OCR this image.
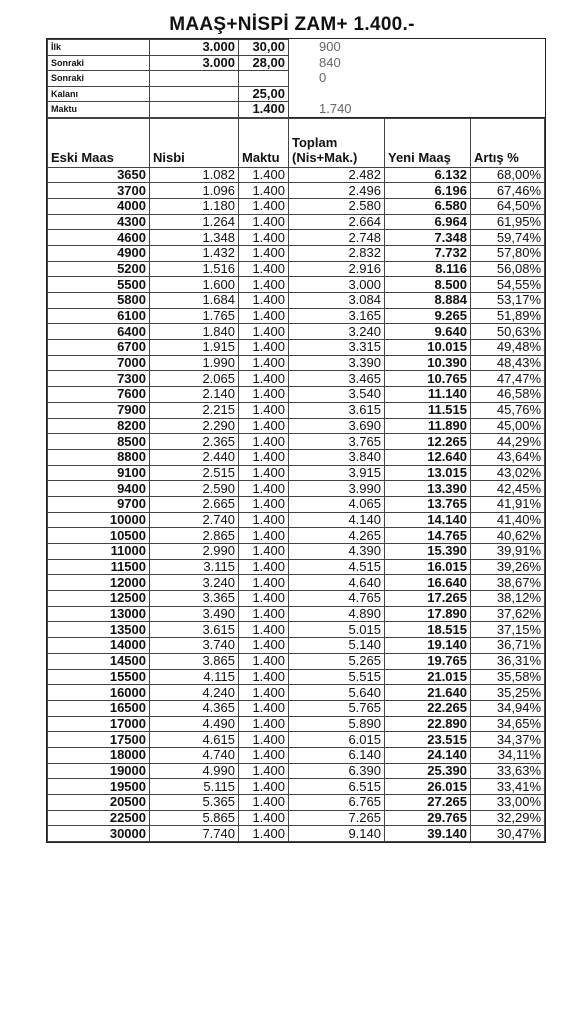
MAAŞ+NİSPİ ZAM+ 1.400.-
İlk	3.000	30,00	900
Sonraki	3.000	28,00	840
Sonraki			0
Kalanı		25,00	
Maktu		1.400	1.740
Eski Maas	Nisbi	Maktu	Toplam (Nis+Mak.)	Yeni Maaş	Artış %
3650	1.082	1.400	2.482	6.132	68,00%
3700	1.096	1.400	2.496	6.196	67,46%
4000	1.180	1.400	2.580	6.580	64,50%
4300	1.264	1.400	2.664	6.964	61,95%
4600	1.348	1.400	2.748	7.348	59,74%
4900	1.432	1.400	2.832	7.732	57,80%
5200	1.516	1.400	2.916	8.116	56,08%
5500	1.600	1.400	3.000	8.500	54,55%
5800	1.684	1.400	3.084	8.884	53,17%
6100	1.765	1.400	3.165	9.265	51,89%
6400	1.840	1.400	3.240	9.640	50,63%
6700	1.915	1.400	3.315	10.015	49,48%
7000	1.990	1.400	3.390	10.390	48,43%
7300	2.065	1.400	3.465	10.765	47,47%
7600	2.140	1.400	3.540	11.140	46,58%
7900	2.215	1.400	3.615	11.515	45,76%
8200	2.290	1.400	3.690	11.890	45,00%
8500	2.365	1.400	3.765	12.265	44,29%
8800	2.440	1.400	3.840	12.640	43,64%
9100	2.515	1.400	3.915	13.015	43,02%
9400	2.590	1.400	3.990	13.390	42,45%
9700	2.665	1.400	4.065	13.765	41,91%
10000	2.740	1.400	4.140	14.140	41,40%
10500	2.865	1.400	4.265	14.765	40,62%
11000	2.990	1.400	4.390	15.390	39,91%
11500	3.115	1.400	4.515	16.015	39,26%
12000	3.240	1.400	4.640	16.640	38,67%
12500	3.365	1.400	4.765	17.265	38,12%
13000	3.490	1.400	4.890	17.890	37,62%
13500	3.615	1.400	5.015	18.515	37,15%
14000	3.740	1.400	5.140	19.140	36,71%
14500	3.865	1.400	5.265	19.765	36,31%
15500	4.115	1.400	5.515	21.015	35,58%
16000	4.240	1.400	5.640	21.640	35,25%
16500	4.365	1.400	5.765	22.265	34,94%
17000	4.490	1.400	5.890	22.890	34,65%
17500	4.615	1.400	6.015	23.515	34,37%
18000	4.740	1.400	6.140	24.140	34,11%
19000	4.990	1.400	6.390	25.390	33,63%
19500	5.115	1.400	6.515	26.015	33,41%
20500	5.365	1.400	6.765	27.265	33,00%
22500	5.865	1.400	7.265	29.765	32,29%
30000	7.740	1.400	9.140	39.140	30,47%
